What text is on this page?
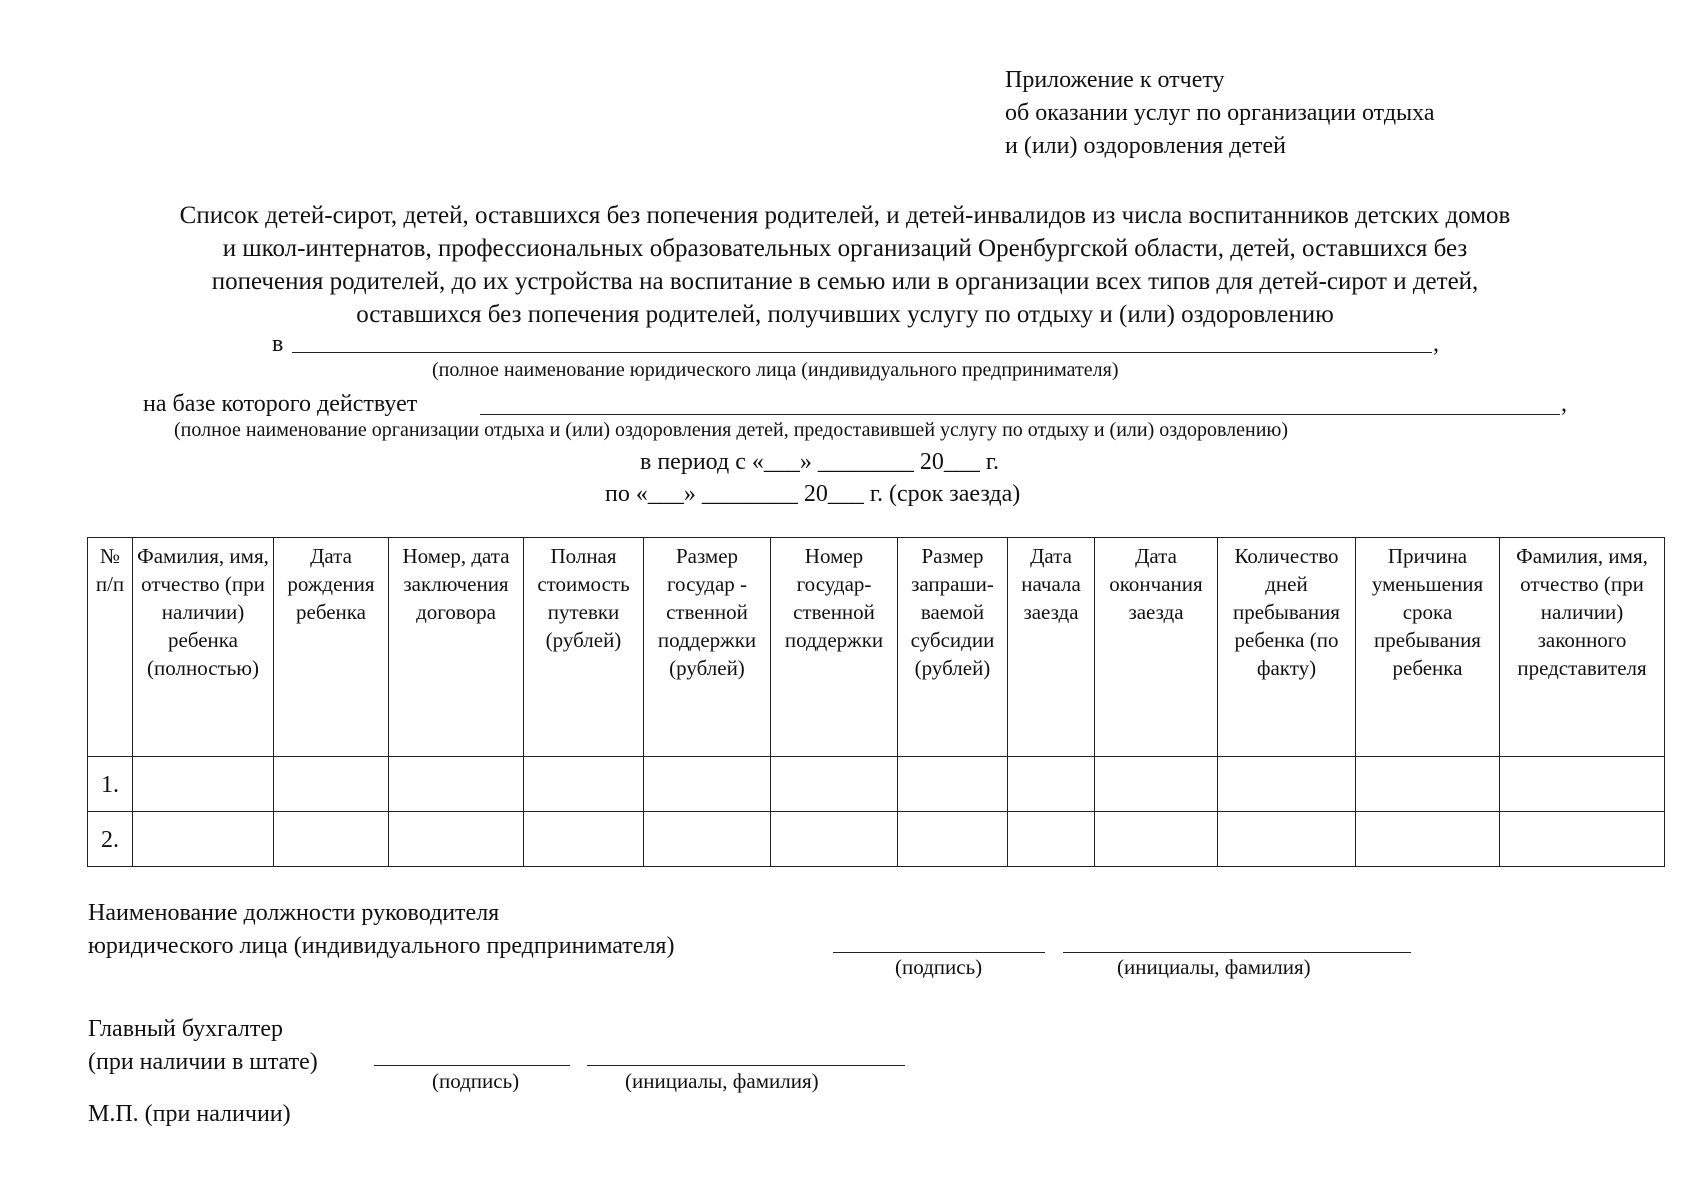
Приложение к отчету
об оказании услуг по организации отдыха
и (или) оздоровления детей
Список детей-сирот, детей, оставшихся без попечения родителей, и детей-инвалидов из числа воспитанников детских домов
и школ-интернатов, профессиональных образовательных организаций Оренбургской области, детей, оставшихся без
попечения родителей, до их устройства на воспитание в семью или в организации всех типов для детей-сирот и детей,
оставшихся без попечения родителей, получивших услугу по отдыху и (или) оздоровлению
в	,
(полное наименование юридического лица (индивидуального предпринимателя)
на базе которого действует	,
(полное наименование организации отдыха и (или) оздоровления детей, предоставившей услугу по отдыху и (или) оздоровлению)
в период с «___» ________ 20___ г.
по «___» ________ 20___ г. (срок заезда)
№ п/п	Фамилия, имя, отчество (при наличии) ребенка (полностью)	Дата рождения ребенка	Номер, дата заключения договора	Полная стоимость путевки (рублей)	Размер государ - ственной поддержки (рублей)	Номер государ- ственной поддержки	Размер запраши- ваемой субсидии (рублей)	Дата начала заезда	Дата окончания заезда	Количество дней пребывания ребенка (по факту)	Причина уменьшения срока пребывания ребенка	Фамилия, имя, отчество (при наличии) законного представителя
1.												
2.												
Наименование должности руководителя
юридического лица (индивидуального предпринимателя)
(подпись)	(инициалы, фамилия)
Главный бухгалтер
(при наличии в штате)
(подпись)	(инициалы, фамилия)
М.П. (при наличии)
